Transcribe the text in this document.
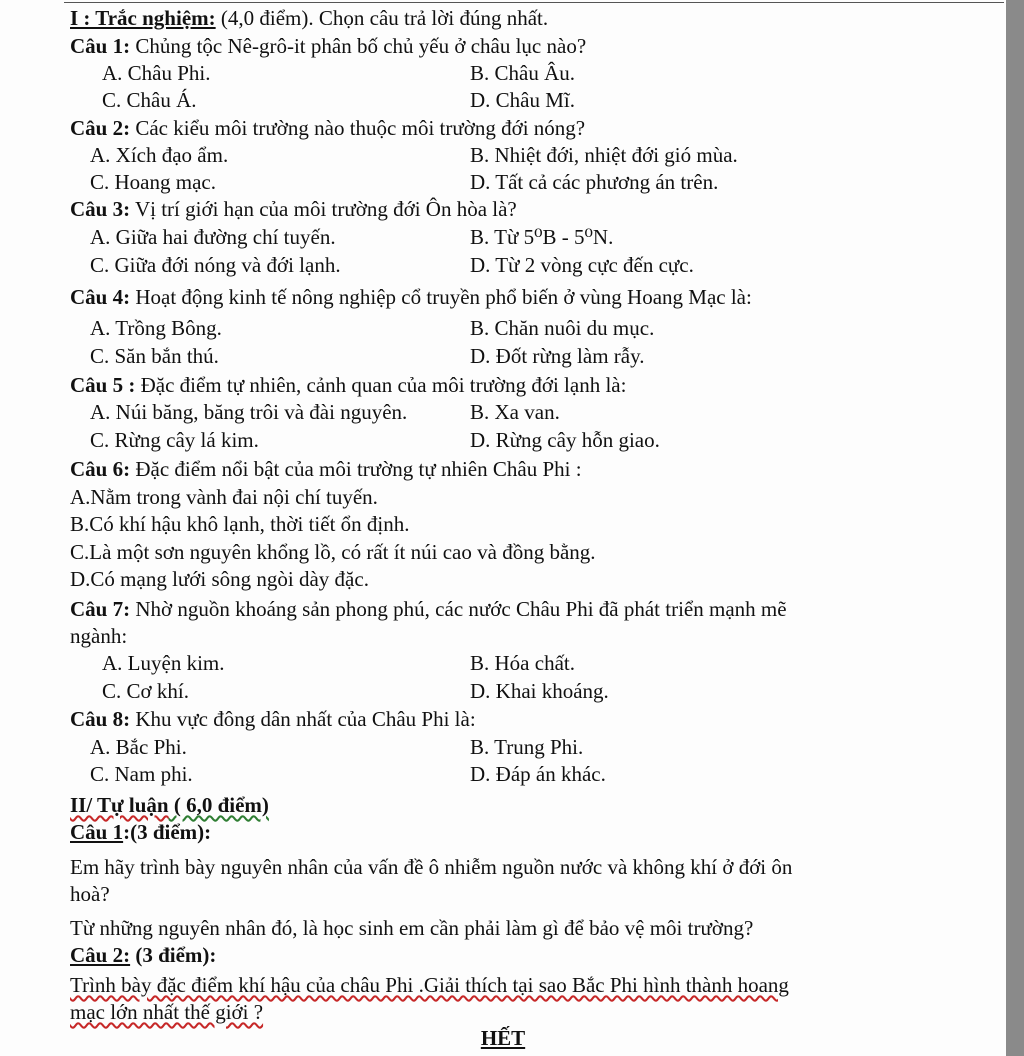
I : Trắc nghiệm: (4,0 điểm). Chọn câu trả lời đúng nhất.
Câu 1: Chủng tộc Nê-grô-it phân bố chủ yếu ở châu lục nào?
A. Châu Phi.	B. Châu Âu.
C. Châu Á.	D. Châu Mĩ.
Câu 2: Các kiểu môi trường nào thuộc môi trường đới nóng?
A. Xích đạo ẩm.	B. Nhiệt đới, nhiệt đới gió mùa.
C. Hoang mạc.	D. Tất cả các phương án trên.
Câu 3: Vị trí giới hạn của môi trường đới Ôn hòa là?
A. Giữa hai đường chí tuyến.	B. Từ 5⁰B - 5⁰N.
C. Giữa đới nóng và đới lạnh.	D. Từ 2 vòng cực đến cực.
Câu 4: Hoạt động kinh tế nông nghiệp cổ truyền phổ biến ở vùng Hoang Mạc là:
A. Trồng Bông.	B. Chăn nuôi du mục.
C. Săn bắn thú.	D. Đốt rừng làm rẫy.
Câu 5 : Đặc điểm tự nhiên, cảnh quan của môi trường đới lạnh là:
A. Núi băng, băng trôi và đài nguyên.	B. Xa van.
C. Rừng cây lá kim.	D. Rừng cây hỗn giao.
Câu 6: Đặc điểm nổi bật của môi trường tự nhiên Châu Phi :
A.Nằm trong vành đai nội chí tuyến.
B.Có khí hậu khô lạnh, thời tiết ổn định.
C.Là một sơn nguyên khổng lồ, có rất ít núi cao và đồng bằng.
D.Có mạng lưới sông ngòi dày đặc.
Câu 7: Nhờ nguồn khoáng sản phong phú, các nước Châu Phi đã phát triển mạnh mẽ
ngành:
A. Luyện kim.	B. Hóa chất.
C. Cơ khí.	D. Khai khoáng.
Câu 8: Khu vực đông dân nhất của Châu Phi là:
A. Bắc Phi.	B. Trung Phi.
C. Nam phi.	D. Đáp án khác.
II/ Tự luận ( 6,0 điểm)
Câu 1:(3 điểm):
Em hãy trình bày nguyên nhân của vấn đề ô nhiễm nguồn nước và không khí ở đới ôn
hoà?
Từ những nguyên nhân đó, là học sinh em cần phải làm gì để bảo vệ môi trường?
Câu 2: (3 điểm):
Trình bày đặc điểm khí hậu của châu Phi .Giải thích tại sao Bắc Phi hình thành hoang
mạc lớn nhất thế giới ?
HẾT
